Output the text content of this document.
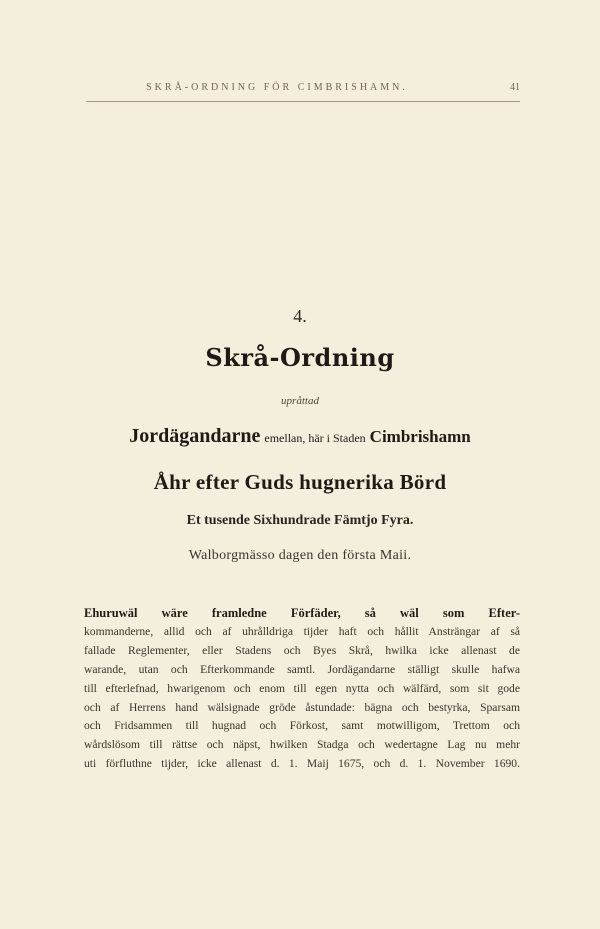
SKRÅ-ORDNING FÖR CIMBRISHAMN.	41
4.
Skrå-Ordning
upråttad
Jordägandarne emellan, här i Staden Cimbrishamn
Åhr efter Guds hugnerika Börd
Et tusende Sixhundrade Fämtjo Fyra.
Walborgmässo dagen den första Maii.
Ehuruwäl wäre framledne Förfäder, så wäl som Efter-
kommanderne, allid och af uhrålldriga tijder haft och hållit Ansträngar af så
fallade Reglementer, eller Stadens och Byes Skrå, hwilka icke allenast de
warande, utan och Efterkommande samtl. Jordägandarne ställigt skulle hafwa
till efterlefnad, hwarigenom och enom till egen nytta och wälfärd, som sit gode
och af Herrens hand wälsignade gröde åstundade: bägna och bestyrka, Sparsam
och Fridsammen till hugnad och Förkost, samt motwilligom, Trettom och
wårdslösom till rättse och näpst, hwilken Stadga och wedertagne Lag nu mehr
uti förfluthne tijder, icke allenast d. 1. Maij 1675, och d. 1. November 1690.
